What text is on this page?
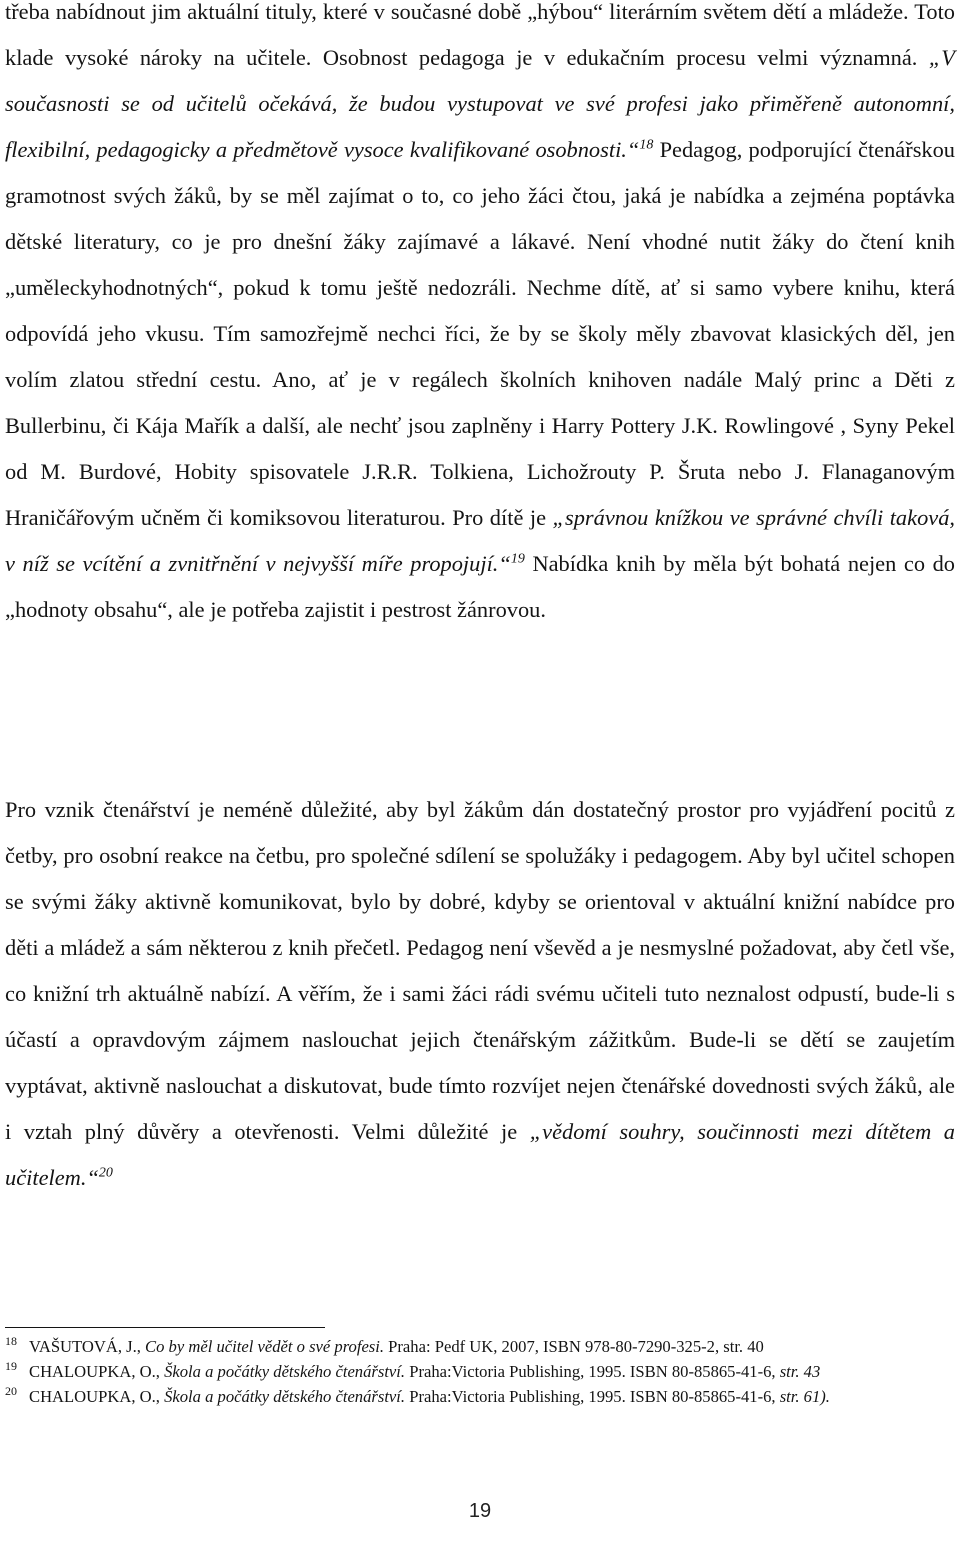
třeba nabídnout jim aktuální tituly, které v současné době „hýbou“ literárním světem dětí a mládeže. Toto klade vysoké nároky na učitele. Osobnost pedagoga je v edukačním procesu velmi významná. „V současnosti se od učitelů očekává, že budou vystupovat ve své profesi jako přiměřeně autonomní, flexibilní, pedagogicky a předmětově vysoce kvalifikované osobnosti.“$^{18}$ Pedagog, podporující čtenářskou gramotnost svých žáků, by se měl zajímat o to, co jeho žáci čtou, jaká je nabídka a zejména poptávka dětské literatury, co je pro dnešní žáky zajímavé a lákavé. Není vhodné nutit žáky do čtení knih „uměleckyhodnotných“, pokud k tomu ještě nedozráli. Nechme dítě, ať si samo vybere knihu, která odpovídá jeho vkusu. Tím samozřejmě nechci říci, že by se školy měly zbavovat klasických děl, jen volím zlatou střední cestu. Ano, ať je v regálech školních knihoven nadále Malý princ a Děti z Bullerbinu, či Kája Mařík a další, ale nechť jsou zaplněny i Harry Pottery J.K. Rowlingové , Syny Pekel od M. Burdové, Hobity spisovatele J.R.R. Tolkiena, Lichožrouty P. Šruta nebo J. Flanaganovým Hraničářovým učněm či komiksovou literaturou. Pro dítě je „správnou knížkou ve správné chvíli taková, v níž se vcítění a zvnitřnění v nejvyšší míře propojují.“$^{19}$ Nabídka knih by měla být bohatá nejen co do „hodnoty obsahu“, ale je potřeba zajistit i pestrost žánrovou.

Pro vznik čtenářství je neméně důležité, aby byl žákům dán dostatečný prostor pro vyjádření pocitů z četby, pro osobní reakce na četbu, pro společné sdílení se spolužáky i pedagogem. Aby byl učitel schopen se svými žáky aktivně komunikovat, bylo by dobré, kdyby se orientoval v aktuální knižní nabídce pro děti a mládež a sám některou z knih přečetl. Pedagog není vševěd a je nesmyslné požadovat, aby četl vše, co knižní trh aktuálně nabízí. A věřím, že i sami žáci rádi svému učiteli tuto neznalost odpustí, bude-li s účastí a opravdovým zájmem naslouchat jejich čtenářským zážitkům. Bude-li se dětí se zaujetím vyptávat, aktivně naslouchat a diskutovat, bude tímto rozvíjet nejen čtenářské dovednosti svých žáků, ale i vztah plný důvěry a otevřenosti. Velmi důležité je „vědomí souhry, součinnosti mezi dítětem a učitelem.“$^{20}$

$^{18}$ VAŠUTOVÁ, J., Co by měl učitel vědět o své profesi. Praha: Pedf UK, 2007, ISBN 978-80-7290-325-2, str. 40

$^{19}$ CHALOUPKA, O., Škola a počátky dětského čtenářství. Praha:Victoria Publishing, 1995. ISBN 80-85865-41-6, str. 43

$^{20}$ CHALOUPKA, O., Škola a počátky dětského čtenářství. Praha:Victoria Publishing, 1995. ISBN 80-85865-41-6, str. 61).

19
